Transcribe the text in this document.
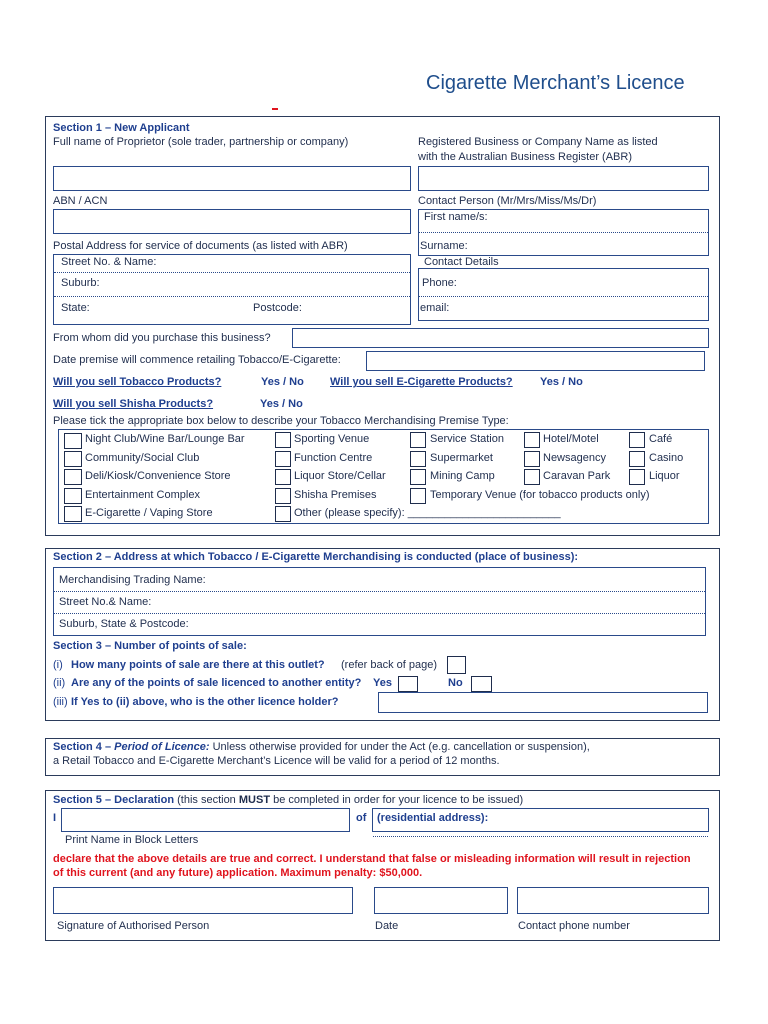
Cigarette Merchant’s Licence
Section 1 – New Applicant
Full name of Proprietor (sole trader, partnership or company)	Registered Business or Company Name as listed
with the Australian Business Register (ABR)
ABN / ACN	Contact Person (Mr/Mrs/Miss/Ms/Dr)
First name/s:
Postal Address for service of documents (as listed with ABR)	Surname:
Street No. & Name:
Suburb:
State:	Postcode:
Contact Details
Phone:
email:
From whom did you purchase this business?
Date premise will commence retailing Tobacco/E-Cigarette:
Will you sell Tobacco Products?	Yes / No Will you sell E-Cigarette Products? Yes / No
Will you sell Shisha Products?	Yes / No
Please tick the appropriate box below to describe your Tobacco Merchandising Premise Type:
Night Club/Wine Bar/Lounge Bar	Sporting Venue	Service Station	Hotel/Motel	Café
Community/Social Club	Function Centre	Supermarket	Newsagency	Casino
Deli/Kiosk/Convenience Store	Liquor Store/Cellar	Mining Camp	Caravan Park	Liquor
Entertainment Complex	Shisha Premises	Temporary Venue (for tobacco products only)
E-Cigarette / Vaping Store	Other (please specify): _________________________
Section 2 – Address at which Tobacco / E-Cigarette Merchandising is conducted (place of business):
Merchandising Trading Name:
Street No.& Name:
Suburb, State & Postcode:
Section 3 – Number of points of sale:
(i) How many points of sale are there at this outlet? (refer back of page)
(ii) Are any of the points of sale licenced to another entity? Yes	No
(iii) If Yes to (ii) above, who is the other licence holder?
Section 4 – Period of Licence: Unless otherwise provided for under the Act (e.g. cancellation or suspension),
a Retail Tobacco and E-Cigarette Merchant’s Licence will be valid for a period of 12 months.
Section 5 – Declaration (this section MUST be completed in order for your licence to be issued)
I	of (residential address):
Print Name in Block Letters
declare that the above details are true and correct. I understand that false or misleading information will result in rejection
of this current (and any future) application. Maximum penalty: $50,000.
Signature of Authorised Person	Date	Contact phone number
